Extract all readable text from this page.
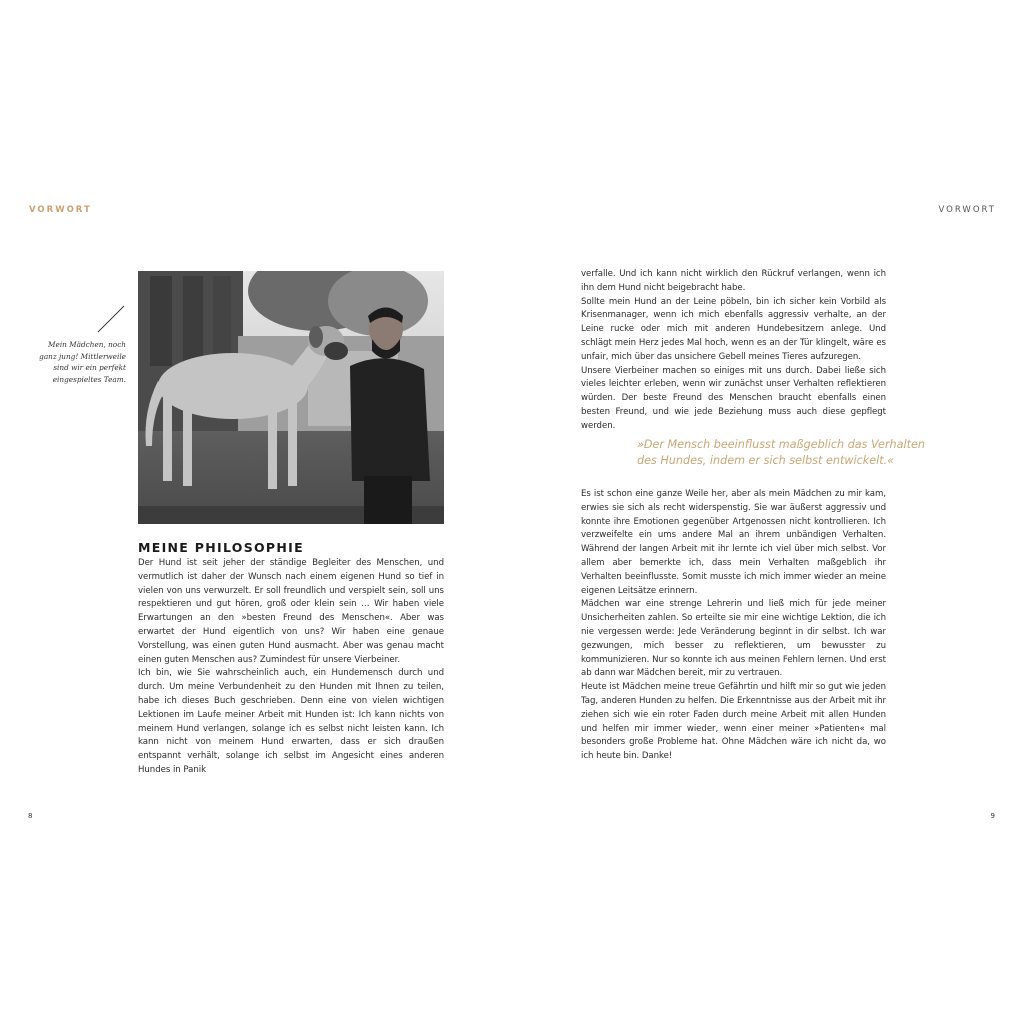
VORWORT	VORWORT
Mein Mädchen, noch
ganz jung! Mittlerweile
sind wir ein perfekt
eingespieltes Team.
MEINE PHILOSOPHIE

Der Hund ist seit jeher der ständige Begleiter des Menschen, und vermutlich ist daher der Wunsch nach einem eigenen Hund so tief in vielen von uns verwurzelt. Er soll freundlich und verspielt sein, soll uns respektieren und gut hören, groß oder klein sein … Wir haben viele Erwartungen an den »besten Freund des Menschen«. Aber was erwartet der Hund eigentlich von uns? Wir haben eine genaue Vorstellung, was einen guten Hund ausmacht. Aber was genau macht einen guten Menschen aus? Zumindest für unsere Vierbeiner.

Ich bin, wie Sie wahrscheinlich auch, ein Hundemensch durch und durch. Um meine Verbundenheit zu den Hunden mit Ihnen zu teilen, habe ich dieses Buch geschrieben. Denn eine von vielen wichtigen Lektionen im Laufe meiner Arbeit mit Hunden ist: Ich kann nichts von meinem Hund verlangen, solange ich es selbst nicht leisten kann. Ich kann nicht von meinem Hund erwarten, dass er sich draußen entspannt verhält, solange ich selbst im Angesicht eines anderen Hundes in Panik

verfalle. Und ich kann nicht wirklich den Rückruf verlangen, wenn ich ihn dem Hund nicht beigebracht habe.

Sollte mein Hund an der Leine pöbeln, bin ich sicher kein Vorbild als Krisenmanager, wenn ich mich ebenfalls aggressiv verhalte, an der Leine rucke oder mich mit anderen Hundebesitzern anlege. Und schlägt mein Herz jedes Mal hoch, wenn es an der Tür klingelt, wäre es unfair, mich über das unsichere Gebell meines Tieres aufzuregen.

Unsere Vierbeiner machen so einiges mit uns durch. Dabei ließe sich vieles leichter erleben, wenn wir zunächst unser Verhalten reflektieren würden. Der beste Freund des Menschen braucht ebenfalls einen besten Freund, und wie jede Beziehung muss auch diese gepflegt werden.

»Der Mensch beeinflusst maßgeblich das Verhalten des Hundes, indem er sich selbst entwickelt.«

Es ist schon eine ganze Weile her, aber als mein Mädchen zu mir kam, erwies sie sich als recht widerspenstig. Sie war äußerst aggressiv und konnte ihre Emotionen gegenüber Artgenossen nicht kontrollieren. Ich verzweifelte ein ums andere Mal an ihrem unbändigen Verhalten. Während der langen Arbeit mit ihr lernte ich viel über mich selbst. Vor allem aber bemerkte ich, dass mein Verhalten maßgeblich ihr Verhalten beeinflusste. Somit musste ich mich immer wieder an meine eigenen Leitsätze erinnern.

Mädchen war eine strenge Lehrerin und ließ mich für jede meiner Unsicherheiten zahlen. So erteilte sie mir eine wichtige Lektion, die ich nie vergessen werde: Jede Veränderung beginnt in dir selbst. Ich war gezwungen, mich besser zu reflektieren, um bewusster zu kommunizieren. Nur so konnte ich aus meinen Fehlern lernen. Und erst ab dann war Mädchen bereit, mir zu vertrauen.

Heute ist Mädchen meine treue Gefährtin und hilft mir so gut wie jeden Tag, anderen Hunden zu helfen. Die Erkenntnisse aus der Arbeit mit ihr ziehen sich wie ein roter Faden durch meine Arbeit mit allen Hunden und helfen mir immer wieder, wenn einer meiner »Patienten« mal besonders große Probleme hat. Ohne Mädchen wäre ich nicht da, wo ich heute bin. Danke!

8	9
